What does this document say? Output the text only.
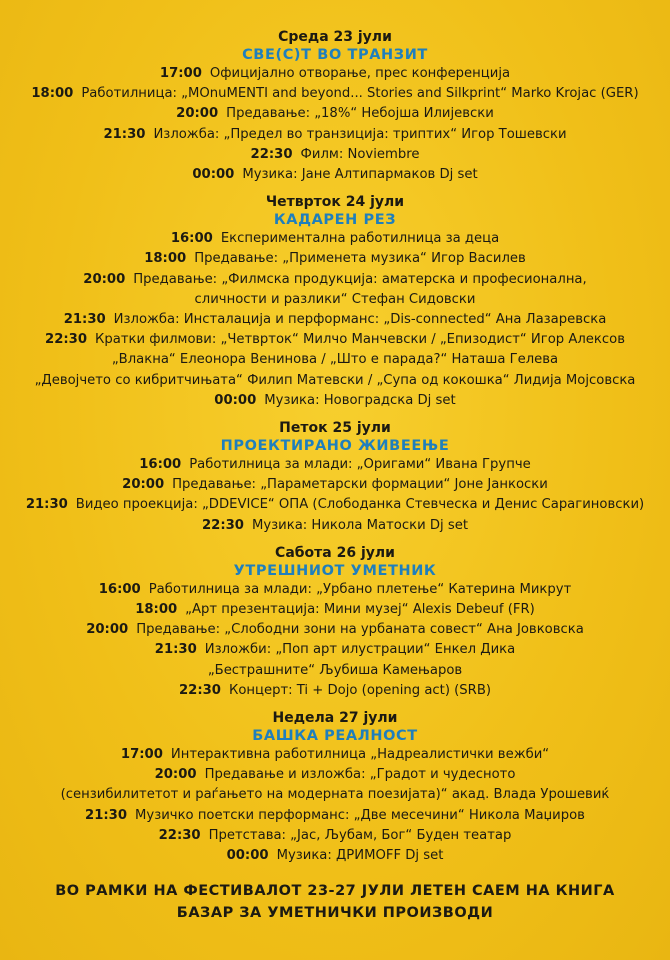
Среда 23 јули
СВЕ(С)Т ВО ТРАНЗИТ
17:00 Официјално отворање, прес конференција
18:00 Работилница: „MOnuMENTI and beyond... Stories and Silkprint“ Marko Krojac (GER)
20:00 Предавање: „18%“ Небојша Илијевски
21:30 Изложба: „Предел во транзиција: триптих“ Игор Тошевски
22:30 Филм: Noviembre
00:00 Музика: Јане Алтипармаков Dj set
Четврток 24 јули
КАДАРЕН РЕЗ
16:00 Експериментална работилница за деца
18:00 Предавање: „Применета музика“ Игор Василев
20:00 Предавање: „Филмска продукција: аматерска и професионална,
сличности и разлики“ Стефан Сидовски
21:30 Изложба: Инсталација и перформанс: „Dis-connected“ Ана Лазаревска
22:30 Кратки филмови: „Четврток“ Милчо Манчевски / „Епизодист“ Игор Алексов
„Влакна“ Елеонора Венинова / „Што е парада?“ Наташа Гелева
„Девојчето со кибритчињата“ Филип Матевски / „Супа од кокошка“ Лидија Мојсовска
00:00 Музика: Новоградска Dj set
Петок 25 јули
ПРОЕКТИРАНО ЖИВЕЕЊЕ
16:00 Работилница за млади: „Оригами“ Ивана Групче
20:00 Предавање: „Параметарски формации“ Јоне Јанкоски
21:30 Видео проекција: „DDEVICE“ ОПА (Слободанка Стевческа и Денис Сарагиновски)
22:30 Музика: Никола Матоски Dj set
Сабота 26 јули
УТРЕШНИОТ УМЕТНИК
16:00 Работилница за млади: „Урбано плетење“ Катерина Микрут
18:00 „Арт презентација: Мини музеј“ Alexis Debeuf (FR)
20:00 Предавање: „Слободни зони на урбаната совест“ Ана Јовковска
21:30 Изложби: „Поп арт илустрации“ Енкел Дика
„Бестрашните“ Љубиша Камењаров
22:30 Концерт: Ti + Dojo (opening act) (SRB)
Недела 27 јули
БАШКА РЕАЛНОСТ
17:00 Интерактивна работилница „Надреалистички вежби“
20:00 Предавање и изложба: „Градот и чудесното
(сензибилитетот и раѓањето на модерната поезијата)“ акад. Влада Урошевиќ
21:30 Музичко поетски перформанс: „Две месечини“ Никола Маџиров
22:30 Претстава: „Јас, Љубам, Бог“ Буден театар
00:00 Музика: ДРИМОFF Dj set
ВО РАМКИ НА ФЕСТИВАЛОТ 23-27 ЈУЛИ ЛЕТЕН САЕМ НА КНИГА
БАЗАР ЗА УМЕТНИЧКИ ПРОИЗВОДИ
